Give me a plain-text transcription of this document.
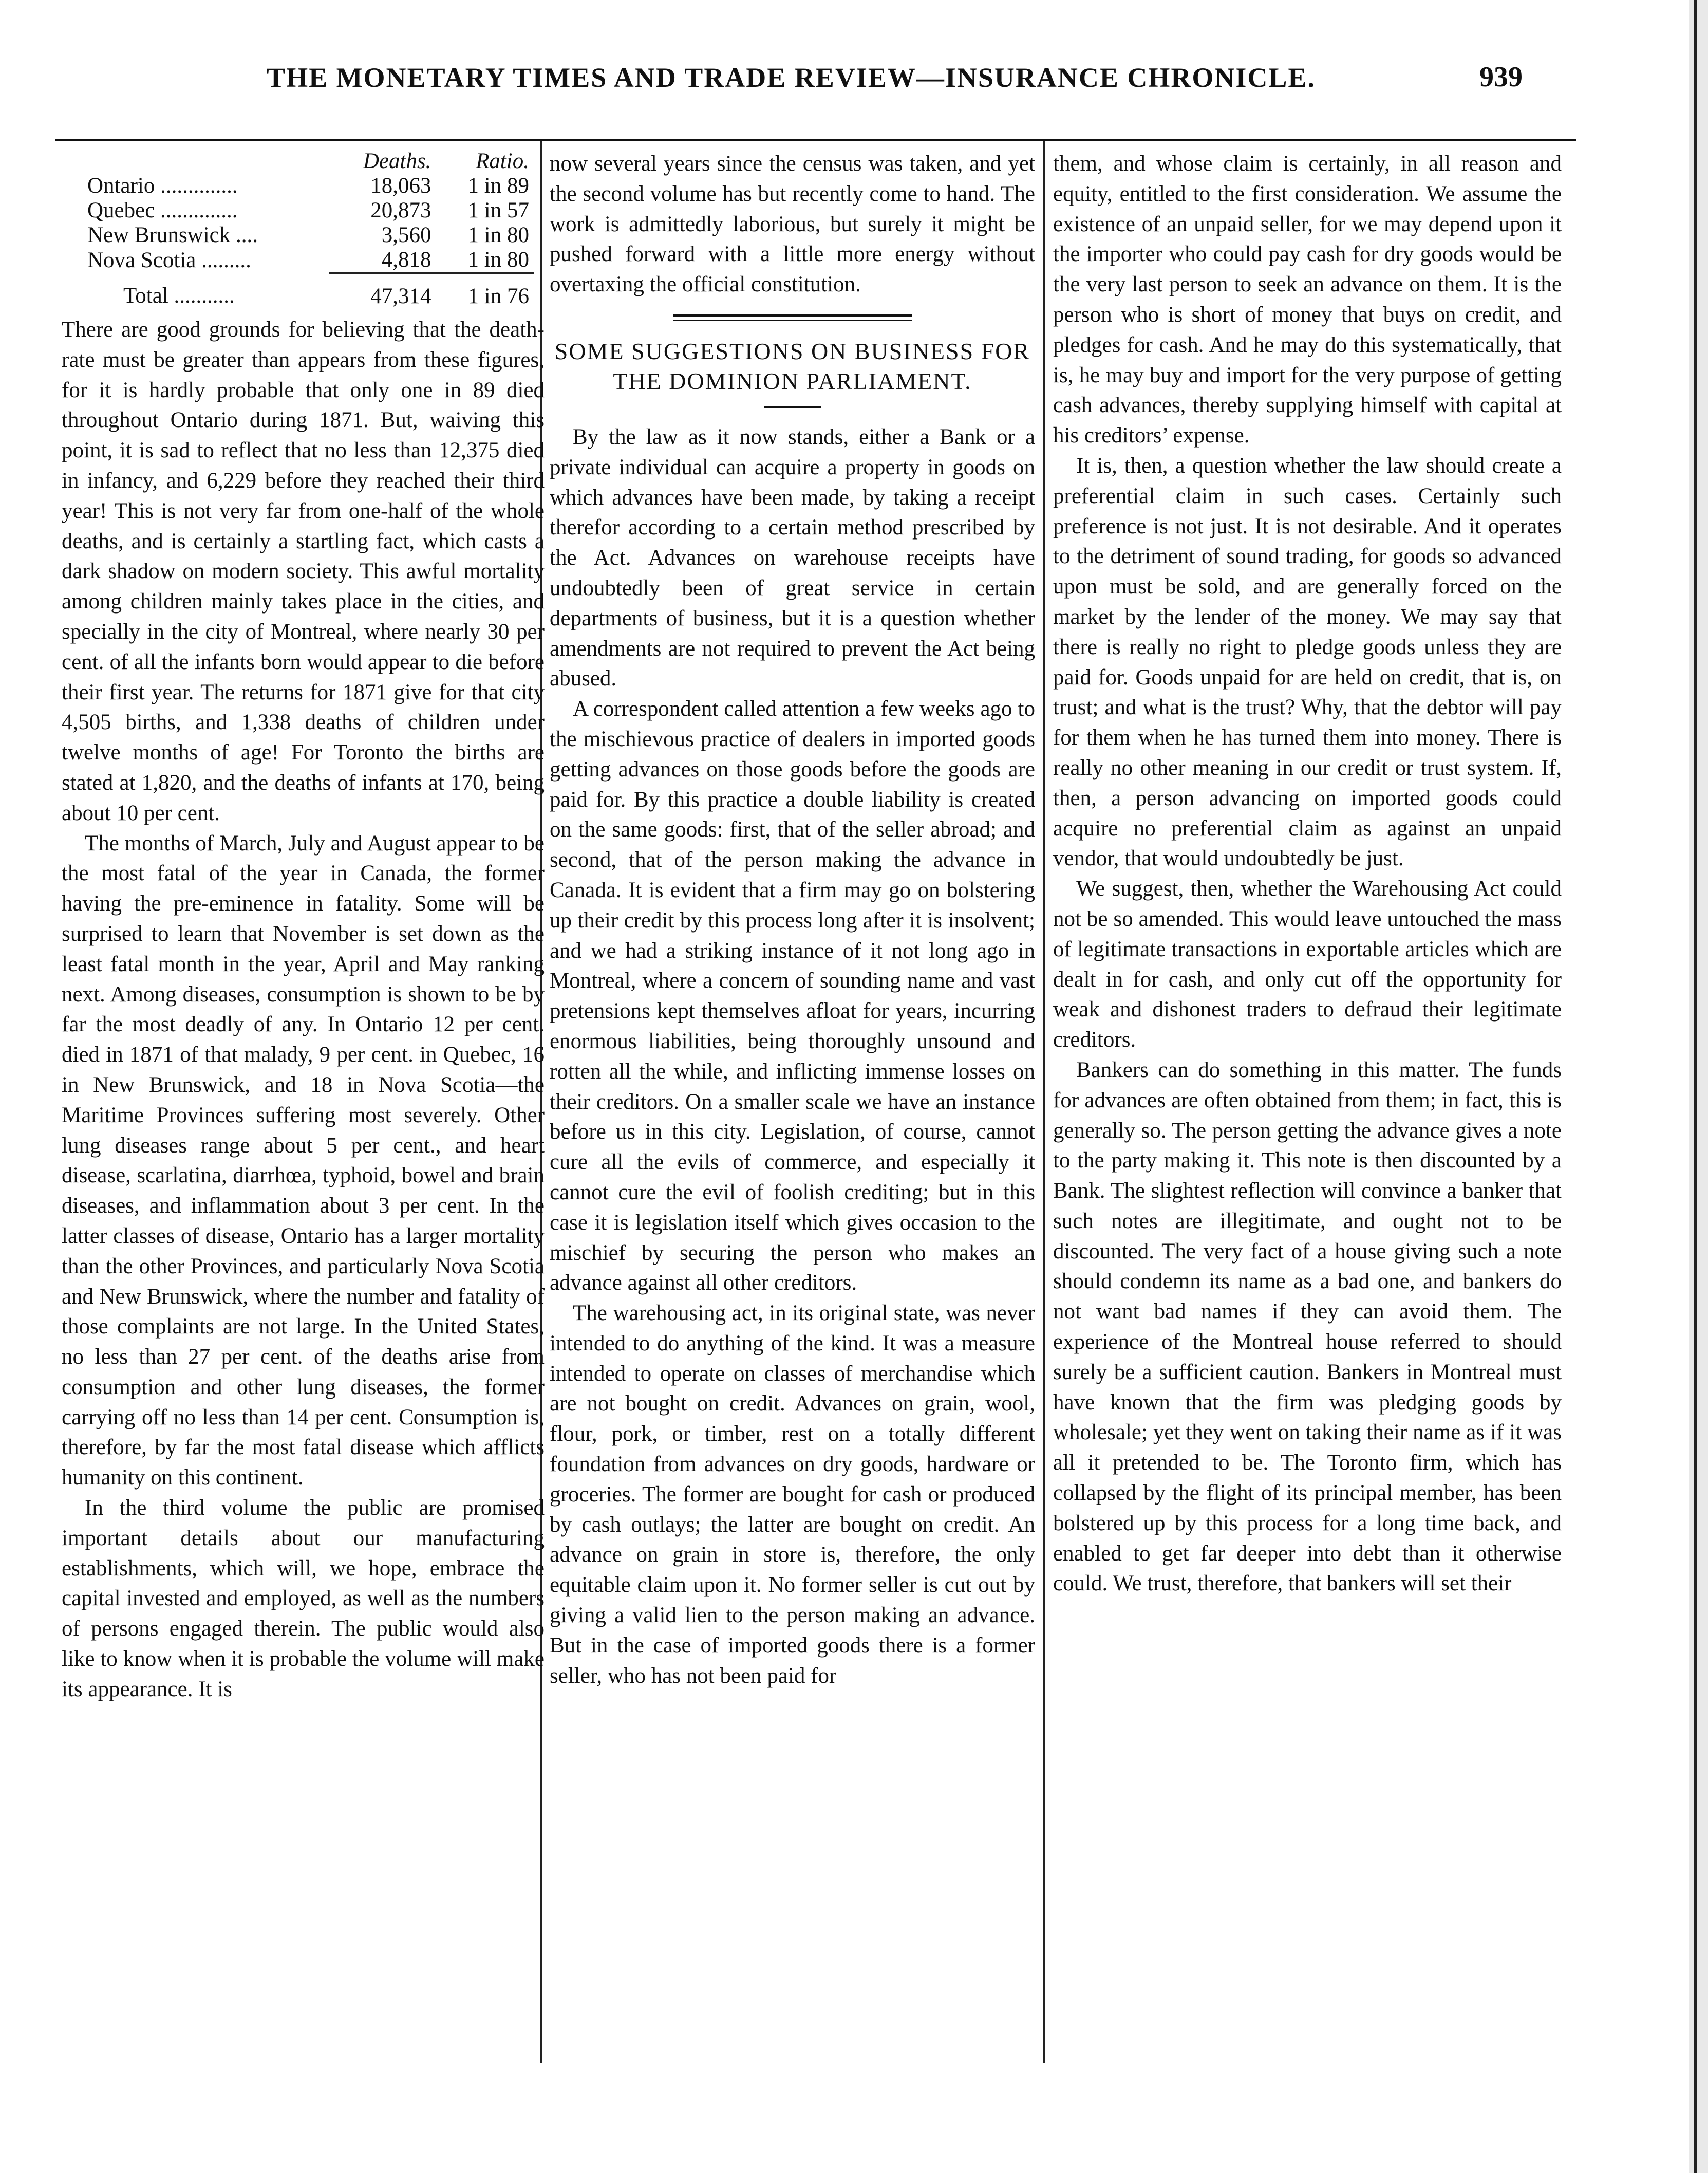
THE MONETARY TIMES AND TRADE REVIEW—INSURANCE CHRONICLE.	939
	Deaths.	Ratio.
Ontario ..............	18,063	1 in 89
Quebec ..............	20,873	1 in 57
New Brunswick ....	3,560	1 in 80
Nova Scotia .........	4,818	1 in 80
Total ...........	47,314	1 in 76

There are good grounds for believing that the death-rate must be greater than appears from these figures, for it is hardly probable that only one in 89 died throughout Ontario during 1871. But, waiving this point, it is sad to reflect that no less than 12,375 died in infancy, and 6,229 before they reached their third year! This is not very far from one-half of the whole deaths, and is certainly a startling fact, which casts a dark shadow on modern society. This awful mortality among children mainly takes place in the cities, and specially in the city of Montreal, where nearly 30 per cent. of all the infants born would appear to die before their first year. The returns for 1871 give for that city 4,505 births, and 1,338 deaths of children under twelve months of age! For Toronto the births are stated at 1,820, and the deaths of infants at 170, being about 10 per cent.

The months of March, July and August appear to be the most fatal of the year in Canada, the former having the pre-eminence in fatality. Some will be surprised to learn that November is set down as the least fatal month in the year, April and May ranking next. Among diseases, consumption is shown to be by far the most deadly of any. In Ontario 12 per cent. died in 1871 of that malady, 9 per cent. in Quebec, 16 in New Brunswick, and 18 in Nova Scotia—the Maritime Provinces suffering most severely. Other lung diseases range about 5 per cent., and heart disease, scarlatina, diarrhœa, typhoid, bowel and brain diseases, and inflammation about 3 per cent. In the latter classes of disease, Ontario has a larger mortality than the other Provinces, and particularly Nova Scotia and New Brunswick, where the number and fatality of those complaints are not large. In the United States, no less than 27 per cent. of the deaths arise from consumption and other lung diseases, the former carrying off no less than 14 per cent. Consumption is, therefore, by far the most fatal disease which afflicts humanity on this continent.

In the third volume the public are promised important details about our manufacturing establishments, which will, we hope, embrace the capital invested and employed, as well as the numbers of persons engaged therein. The public would also like to know when it is probable the volume will make its appearance. It is

now several years since the census was taken, and yet the second volume has but recently come to hand. The work is admittedly laborious, but surely it might be pushed forward with a little more energy without overtaxing the official constitution.

SOME SUGGESTIONS ON BUSINESS FOR THE DOMINION PARLIAMENT.

By the law as it now stands, either a Bank or a private individual can acquire a property in goods on which advances have been made, by taking a receipt therefor according to a certain method prescribed by the Act. Advances on warehouse receipts have undoubtedly been of great service in certain departments of business, but it is a question whether amendments are not required to prevent the Act being abused.

A correspondent called attention a few weeks ago to the mischievous practice of dealers in imported goods getting advances on those goods before the goods are paid for. By this practice a double liability is created on the same goods: first, that of the seller abroad; and second, that of the person making the advance in Canada. It is evident that a firm may go on bolstering up their credit by this process long after it is insolvent; and we had a striking instance of it not long ago in Montreal, where a concern of sounding name and vast pretensions kept themselves afloat for years, incurring enormous liabilities, being thoroughly unsound and rotten all the while, and inflicting immense losses on their creditors. On a smaller scale we have an instance before us in this city. Legislation, of course, cannot cure all the evils of commerce, and especially it cannot cure the evil of foolish crediting; but in this case it is legislation itself which gives occasion to the mischief by securing the person who makes an advance against all other creditors.

The warehousing act, in its original state, was never intended to do anything of the kind. It was a measure intended to operate on classes of merchandise which are not bought on credit. Advances on grain, wool, flour, pork, or timber, rest on a totally different foundation from advances on dry goods, hardware or groceries. The former are bought for cash or produced by cash outlays; the latter are bought on credit. An advance on grain in store is, therefore, the only equitable claim upon it. No former seller is cut out by giving a valid lien to the person making an advance. But in the case of imported goods there is a former seller, who has not been paid for

them, and whose claim is certainly, in all reason and equity, entitled to the first consideration. We assume the existence of an unpaid seller, for we may depend upon it the importer who could pay cash for dry goods would be the very last person to seek an advance on them. It is the person who is short of money that buys on credit, and pledges for cash. And he may do this systematically, that is, he may buy and import for the very purpose of getting cash advances, thereby supplying himself with capital at his creditors’ expense.

It is, then, a question whether the law should create a preferential claim in such cases. Certainly such preference is not just. It is not desirable. And it operates to the detriment of sound trading, for goods so advanced upon must be sold, and are generally forced on the market by the lender of the money. We may say that there is really no right to pledge goods unless they are paid for. Goods unpaid for are held on credit, that is, on trust; and what is the trust? Why, that the debtor will pay for them when he has turned them into money. There is really no other meaning in our credit or trust system. If, then, a person advancing on imported goods could acquire no preferential claim as against an unpaid vendor, that would undoubtedly be just.

We suggest, then, whether the Warehousing Act could not be so amended. This would leave untouched the mass of legitimate transactions in exportable articles which are dealt in for cash, and only cut off the opportunity for weak and dishonest traders to defraud their legitimate creditors.

Bankers can do something in this matter. The funds for advances are often obtained from them; in fact, this is generally so. The person getting the advance gives a note to the party making it. This note is then discounted by a Bank. The slightest reflection will convince a banker that such notes are illegitimate, and ought not to be discounted. The very fact of a house giving such a note should condemn its name as a bad one, and bankers do not want bad names if they can avoid them. The experience of the Montreal house referred to should surely be a sufficient caution. Bankers in Montreal must have known that the firm was pledging goods by wholesale; yet they went on taking their name as if it was all it pretended to be. The Toronto firm, which has collapsed by the flight of its principal member, has been bolstered up by this process for a long time back, and enabled to get far deeper into debt than it otherwise could. We trust, therefore, that bankers will set their
